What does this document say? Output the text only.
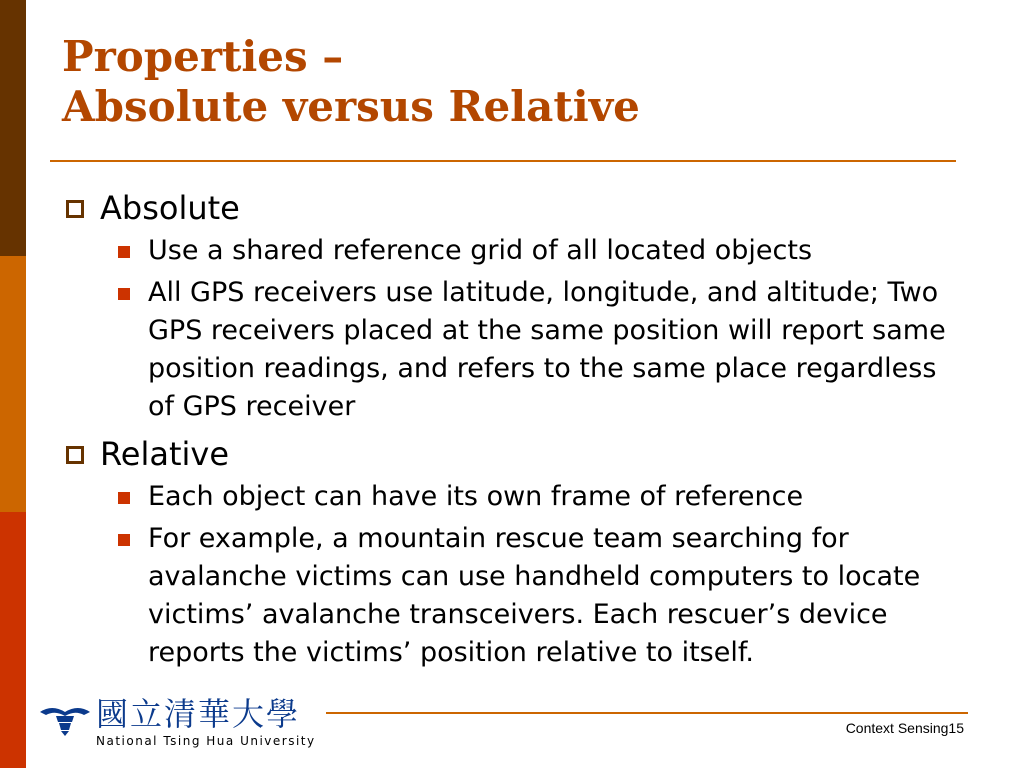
Properties –
Absolute versus Relative
Absolute
Use a shared reference grid of all located objects
All GPS receivers use latitude, longitude, and altitude; Two GPS receivers placed at the same position will report same position readings, and refers to the same place regardless of GPS receiver
Relative
Each object can have its own frame of reference
For example, a mountain rescue team searching for avalanche victims can use handheld computers to locate victims’ avalanche transceivers. Each rescuer’s device reports the victims’ position relative to itself.
國立清華大學
National Tsing Hua University
Context Sensing15
